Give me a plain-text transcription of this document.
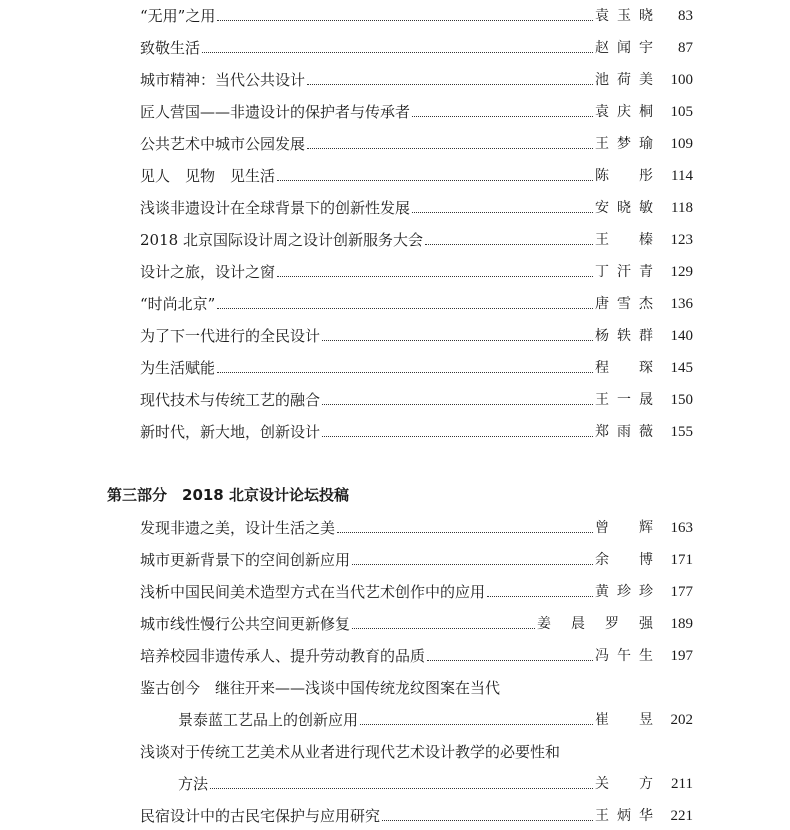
“无用”之用	袁 玉 晓	83
致敬生活	赵 闻 宇	87
城市精神：当代公共设计	池 荷 美	100
匠人营国——非遗设计的保护者与传承者	袁 庆 桐	105
公共艺术中城市公园发展	王 梦 瑜	109
见人　见物　见生活	陈 彤	114
浅谈非遗设计在全球背景下的创新性发展	安 晓 敏	118
2018 北京国际设计周之设计创新服务大会	王 榛	123
设计之旅，设计之窗	丁 汗 青	129
“时尚北京”	唐 雪 杰	136
为了下一代进行的全民设计	杨 轶 群	140
为生活赋能	程 琛	145
现代技术与传统工艺的融合	王 一 晟	150
新时代，新大地，创新设计	郑 雨 薇	155
第三部分　2018 北京设计论坛投稿
发现非遗之美，设计生活之美	曾 辉	163
城市更新背景下的空间创新应用	余 博	171
浅析中国民间美术造型方式在当代艺术创作中的应用	黄 珍 珍	177
城市线性慢行公共空间更新修复	姜 晨 罗 强	189
培养校园非遗传承人、提升劳动教育的品质	冯 午 生	197
鉴古创今　继往开来——浅谈中国传统龙纹图案在当代
景泰蓝工艺品上的创新应用	崔 昱	202
浅谈对于传统工艺美术从业者进行现代艺术设计教学的必要性和
方法	关 方	211
民宿设计中的古民宅保护与应用研究	王 炳 华	221
